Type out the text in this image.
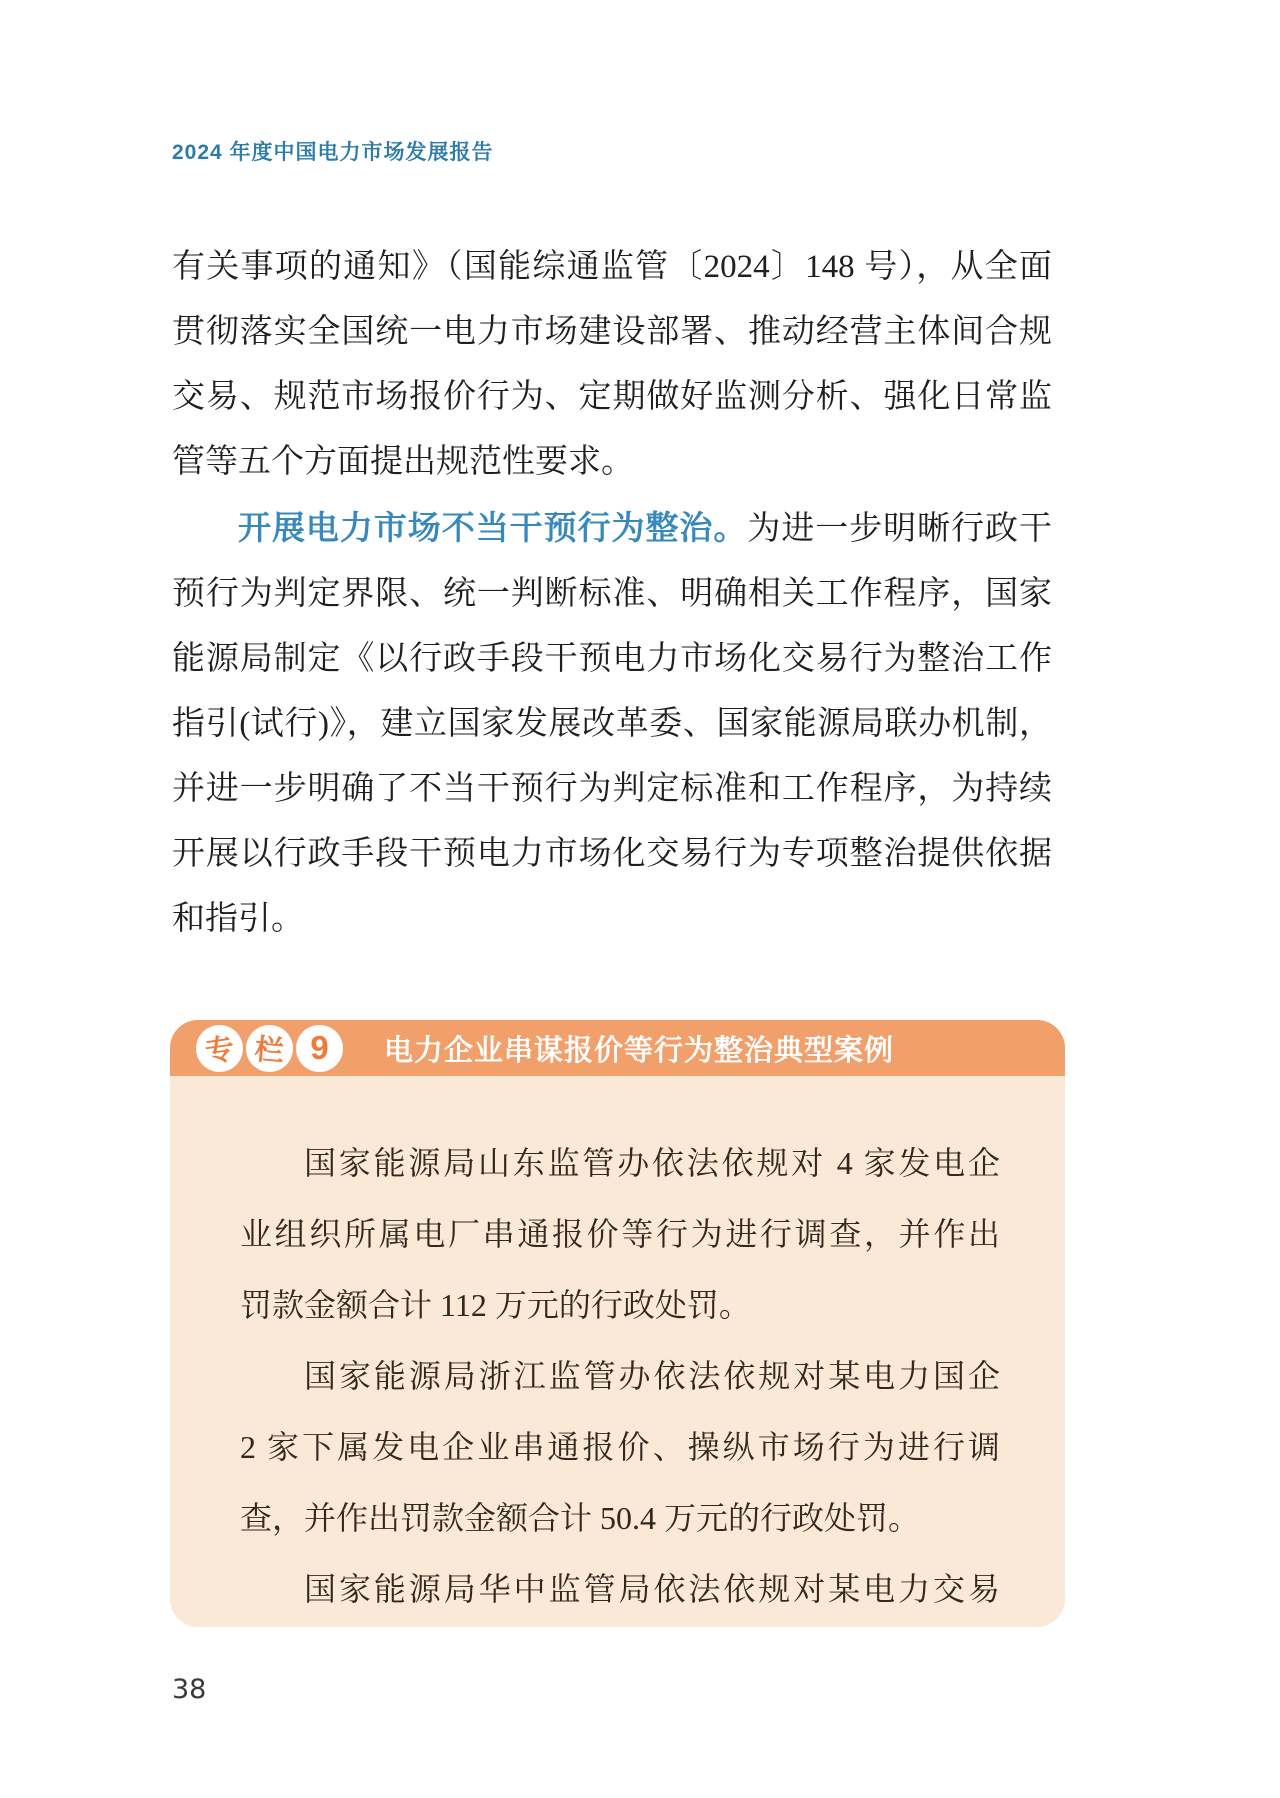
2024 年度中国电力市场发展报告
有关事项的通知》（国能综通监管〔2024〕148 号），从全面
贯彻落实全国统一电力市场建设部署、推动经营主体间合规
交易、规范市场报价行为、定期做好监测分析、强化日常监
管等五个方面提出规范性要求。
开展电力市场不当干预行为整治。为进一步明晰行政干
预行为判定界限、统一判断标准、明确相关工作程序，国家
能源局制定《以行政手段干预电力市场化交易行为整治工作
指引(试行)》，建立国家发展改革委、国家能源局联办机制，
并进一步明确了不当干预行为判定标准和工作程序，为持续
开展以行政手段干预电力市场化交易行为专项整治提供依据
和指引。
专 栏 9	电力企业串谋报价等行为整治典型案例
国家能源局山东监管办依法依规对 4 家发电企
业组织所属电厂串通报价等行为进行调查，并作出
罚款金额合计 112 万元的行政处罚。
国家能源局浙江监管办依法依规对某电力国企
2 家下属发电企业串通报价、操纵市场行为进行调
查，并作出罚款金额合计 50.4 万元的行政处罚。
国家能源局华中监管局依法依规对某电力交易
38
